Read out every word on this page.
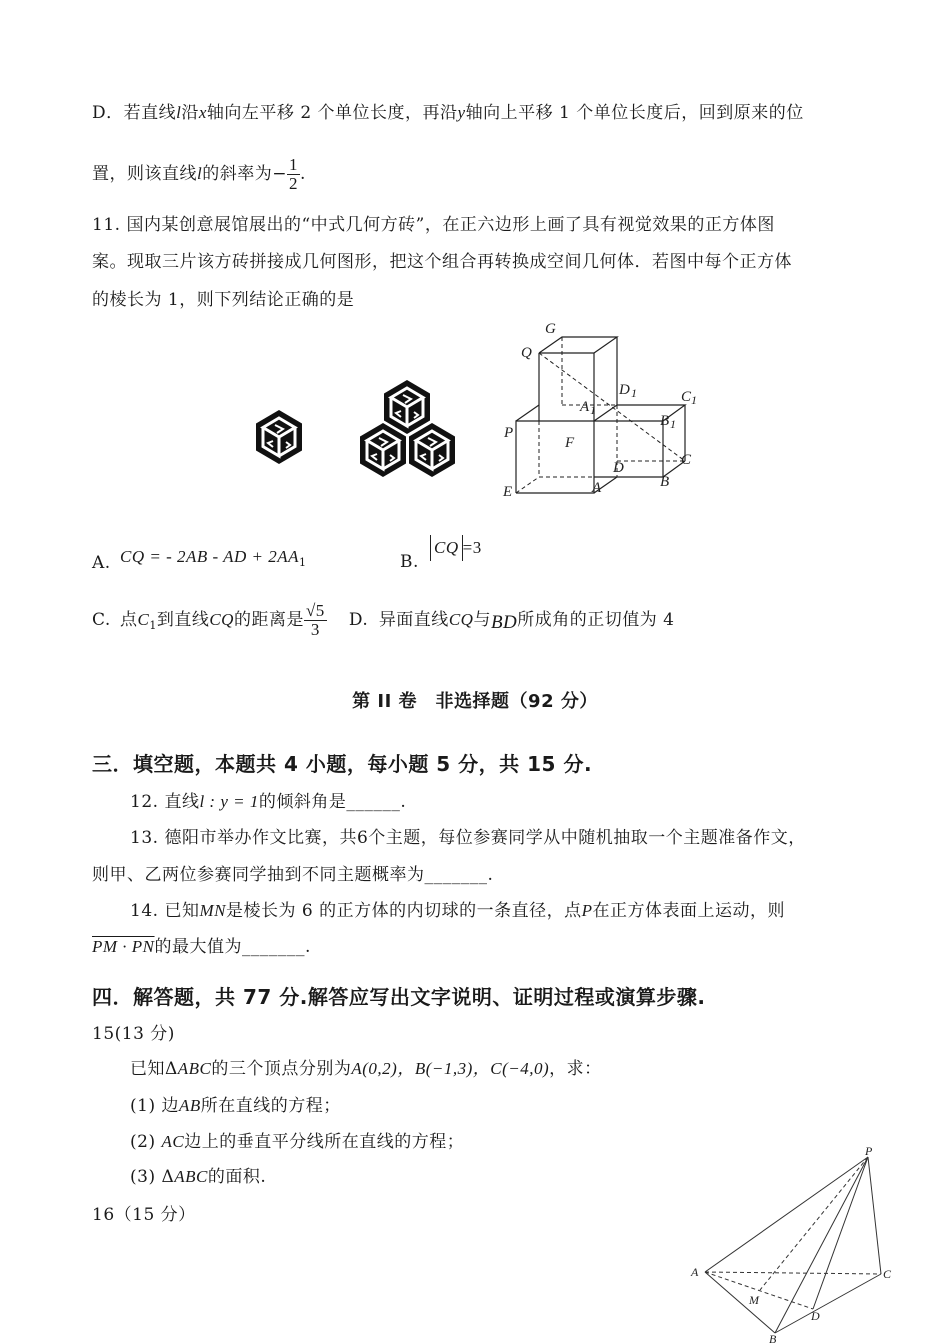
D．若直线l沿x轴向左平移 2 个单位长度，再沿y轴向上平移 1 个单位长度后，回到原来的位
置，则该直线l的斜率为− $\frac{1}{2}$ .
11. 国内某创意展馆展出的“中式几何方砖”，在正六边形上画了具有视觉效果的正方体图
案。现取三片该方砖拼接成几何图形，把这个组合再转换成空间几何体．若图中每个正方体
的棱长为 1，则下列结论正确的是
G
Q
D 1	C 1
A 1
B 1
P
F
C
D
E	A	B
A. CQ = - 2AB - AD + $2AA_1$	B.CQ =3
C. 点$C_1$到直线CQ的距离是 $\frac{√5}{3} D$. 异面直线CQ与BD所成角的正切值为 4
第 II 卷　非选择题（92 分）
三．填空题，本题共 4 小题，每小题 5 分，共 15 分.
12. 直线l : y = 1的倾斜角是______.
13. 德阳市举办作文比赛，共6个主题，每位参赛同学从中随机抽取一个主题准备作文，
则甲、乙两位参赛同学抽到不同主题概率为_______.
14. 已知MN是棱长为 6 的正方体的内切球的一条直径，点P在正方体表面上运动，则
PM · PN的最大值为_______.
四．解答题，共 77 分.解答应写出文字说明、证明过程或演算步骤.
15(13 分)
已知ΔABC的三个顶点分别为A(0,2)，B(−1,3)，C(−4,0)，求：
(1) 边AB所在直线的方程；
(2) AC边上的垂直平分线所在直线的方程；
(3) ΔABC的面积.
16（15 分）
P
A	C
M
D
B
